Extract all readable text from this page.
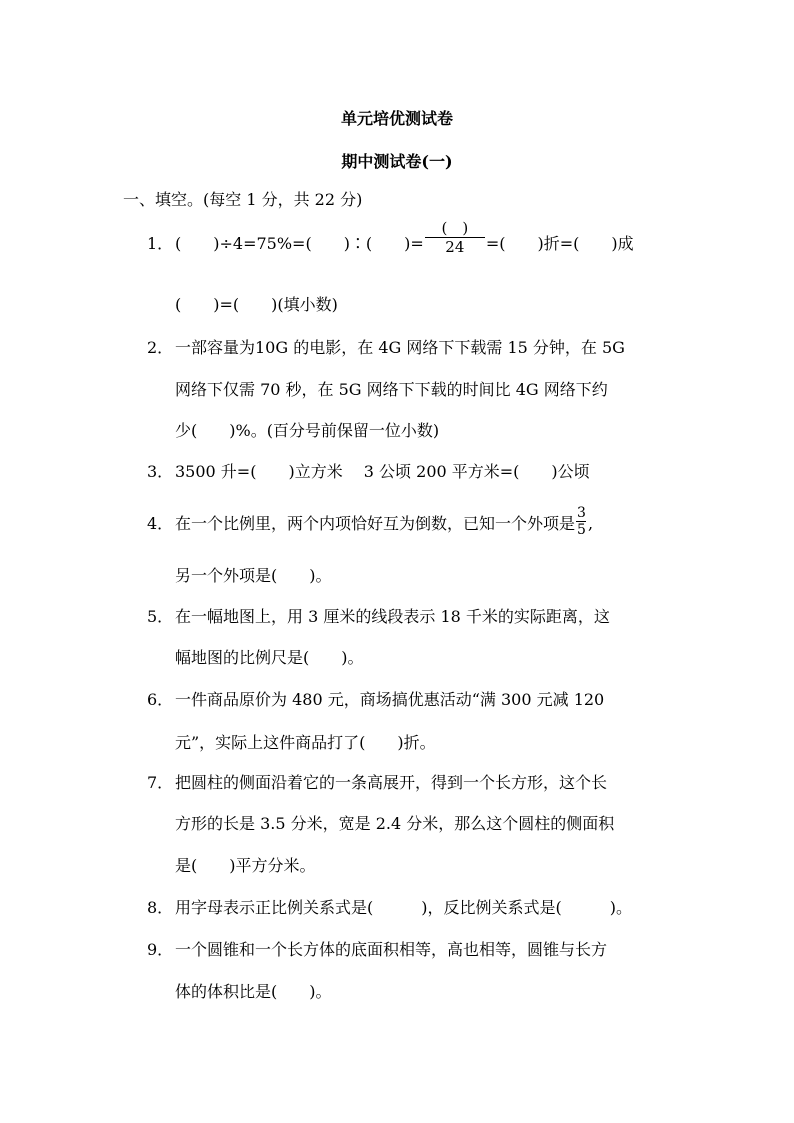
单元培优测试卷
期中测试卷(一)
一、填空。(每空 1 分，共 22 分)
1． (　　)÷4=75%=(　　)∶(　　)= $\frac{( )}{24}$ =(　　)折=(　　)成
(　　)=(　　)(填小数)
2． 一部容量为10G 的电影，在 4G 网络下下载需 15 分钟，在 5G
网络下仅需 70 秒，在 5G 网络下下载的时间比 4G 网络下约
少(　　)%。(百分号前保留一位小数)
3． 3500 升=(　　)立方米　 3 公顷 200 平方米=(　　)公顷
4． 在一个比例里，两个内项恰好互为倒数，已知一个外项是 $\frac{3}{5}$ ,
另一个外项是(　　)。
5． 在一幅地图上，用 3 厘米的线段表示 18 千米的实际距离，这
幅地图的比例尺是(　　)。
6． 一件商品原价为 480 元，商场搞优惠活动“满 300 元减 120
元”，实际上这件商品打了(　　)折。
7． 把圆柱的侧面沿着它的一条高展开，得到一个长方形，这个长
方形的长是 3.5 分米，宽是 2.4 分米，那么这个圆柱的侧面积
是(　　)平方分米。
8． 用字母表示正比例关系式是(　　　)，反比例关系式是(　　　)。
9． 一个圆锥和一个长方体的底面积相等，高也相等，圆锥与长方
体的体积比是(　　)。
